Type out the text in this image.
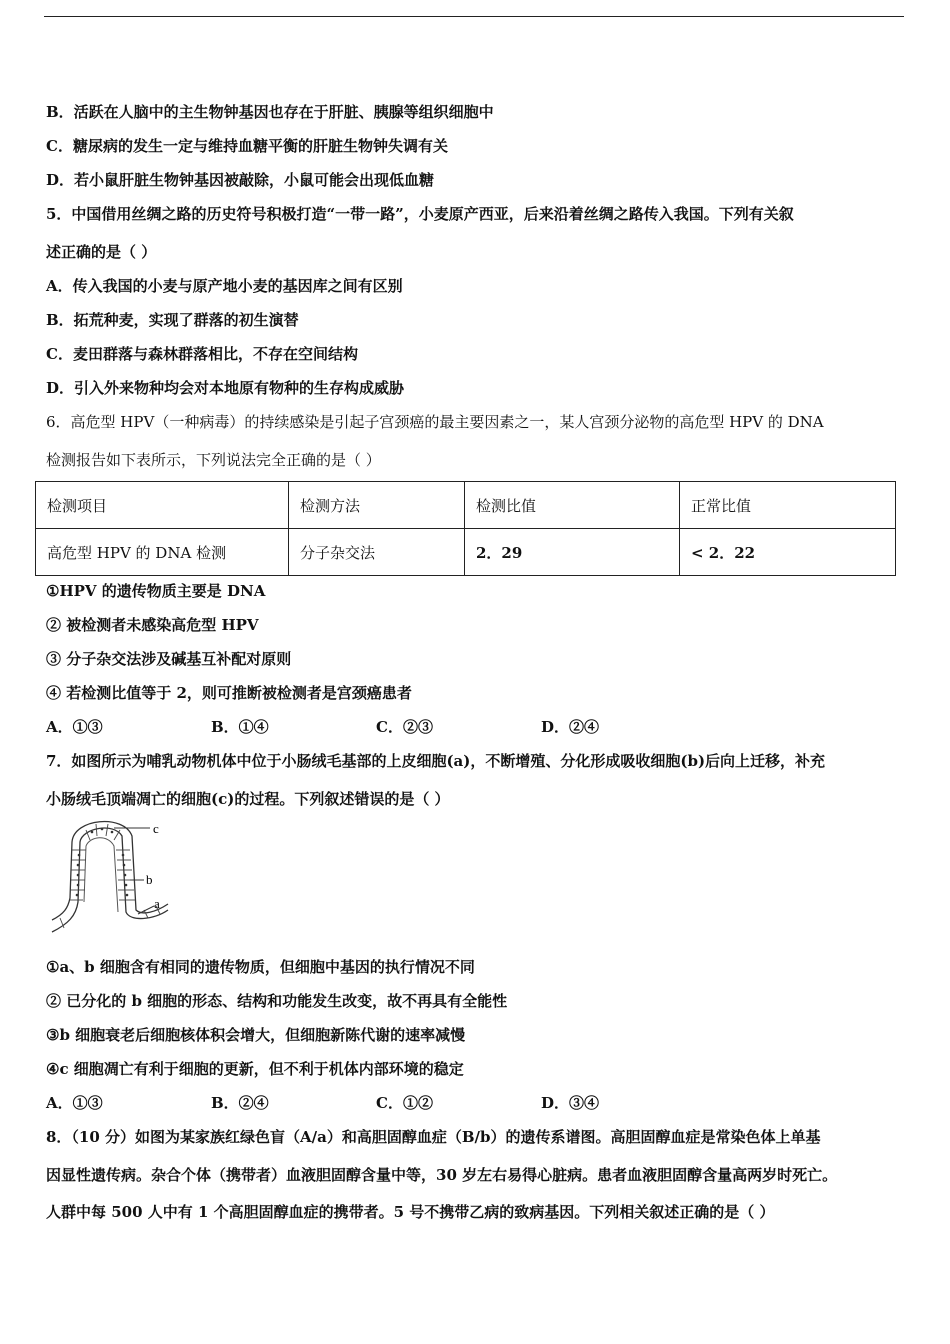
B．活跃在人脑中的主生物钟基因也存在于肝脏、胰腺等组织细胞中
C．糖尿病的发生一定与维持血糖平衡的肝脏生物钟失调有关
D．若小鼠肝脏生物钟基因被敲除，小鼠可能会出现低血糖
5．中国借用丝绸之路的历史符号积极打造“一带一路”，小麦原产西亚，后来沿着丝绸之路传入我国。下列有关叙
述正确的是（ ）
A．传入我国的小麦与原产地小麦的基因库之间有区别
B．拓荒种麦，实现了群落的初生演替
C．麦田群落与森林群落相比，不存在空间结构
D．引入外来物种均会对本地原有物种的生存构成威胁
6．高危型 HPV（一种病毒）的持续感染是引起子宫颈癌的最主要因素之一，某人宫颈分泌物的高危型 HPV 的 DNA
检测报告如下表所示，下列说法完全正确的是（ ）
检测项目	检测方法	检测比值	正常比值
高危型 HPV 的 DNA 检测	分子杂交法	2．29	< 2．22
①HPV 的遗传物质主要是 DNA
② 被检测者未感染高危型 HPV
③ 分子杂交法涉及碱基互补配对原则
④ 若检测比值等于 2，则可推断被检测者是宫颈癌患者
A．①③	B．①④	C．②③	D．②④
7．如图所示为哺乳动物机体中位于小肠绒毛基部的上皮细胞(a)，不断增殖、分化形成吸收细胞(b)后向上迁移，补充
小肠绒毛顶端凋亡的细胞(c)的过程。下列叙述错误的是（ ）
c
b
a
①a、b 细胞含有相同的遗传物质，但细胞中基因的执行情况不同
② 已分化的 b 细胞的形态、结构和功能发生改变，故不再具有全能性
③b 细胞衰老后细胞核体积会增大，但细胞新陈代谢的速率减慢
④c 细胞凋亡有利于细胞的更新，但不利于机体内部环境的稳定
A．①③	B．②④	C．①②	D．③④
8．（10 分）如图为某家族红绿色盲（A/a）和高胆固醇血症（B/b）的遗传系谱图。高胆固醇血症是常染色体上单基
因显性遗传病。杂合个体（携带者）血液胆固醇含量中等，30 岁左右易得心脏病。患者血液胆固醇含量高两岁时死亡。
人群中每 500 人中有 1 个高胆固醇血症的携带者。5 号不携带乙病的致病基因。下列相关叙述正确的是（ ）
